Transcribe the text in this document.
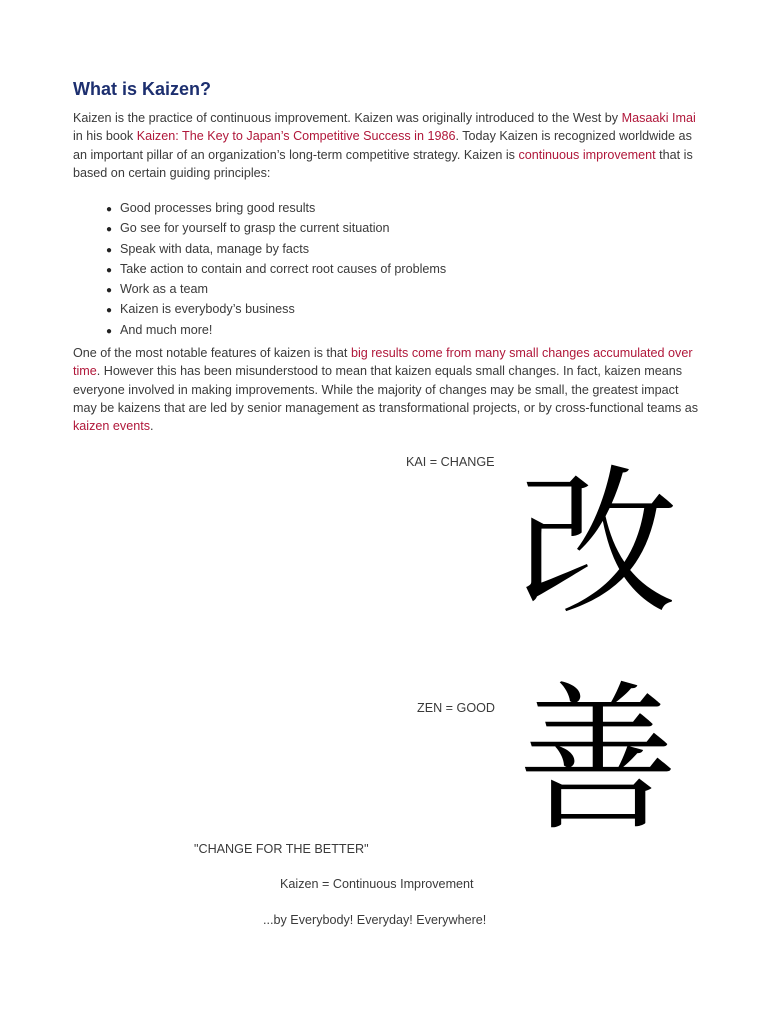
What is Kaizen?

Kaizen is the practice of continuous improvement. Kaizen was originally introduced to the West by Masaaki Imai in his book Kaizen: The Key to Japan’s Competitive Success in 1986. Today Kaizen is recognized worldwide as an important pillar of an organization’s long-term competitive strategy. Kaizen is continuous improvement that is based on certain guiding principles:

● Good processes bring good results
● Go see for yourself to grasp the current situation
● Speak with data, manage by facts
● Take action to contain and correct root causes of problems
● Work as a team
● Kaizen is everybody’s business
● And much more!

One of the most notable features of kaizen is that big results come from many small changes accumulated over time. However this has been misunderstood to mean that kaizen equals small changes. In fact, kaizen means everyone involved in making improvements. While the majority of changes may be small, the greatest impact may be kaizens that are led by senior management as transformational projects, or by cross-functional teams as kaizen events.

KAI = CHANGE 改
ZEN = GOOD 善
"CHANGE FOR THE BETTER"
Kaizen = Continuous Improvement
...by Everybody! Everyday! Everywhere!
